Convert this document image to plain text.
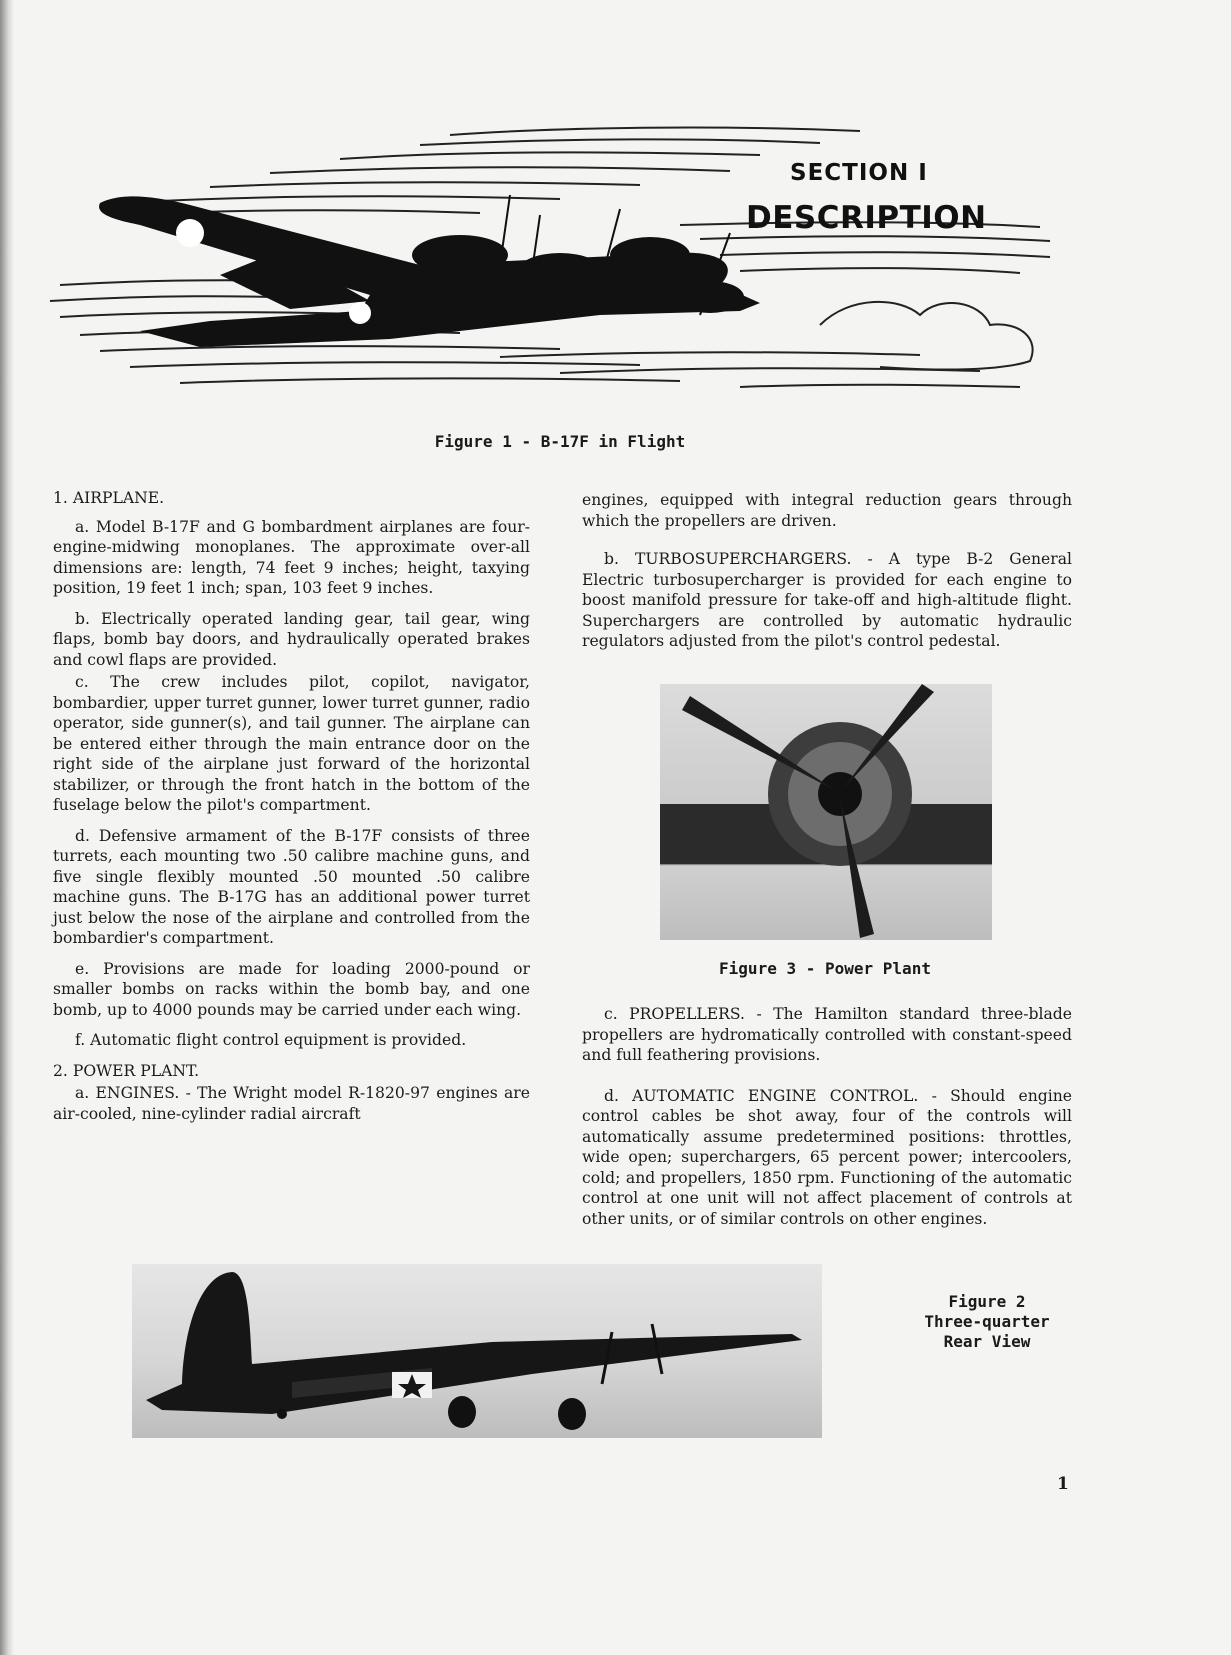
SECTION I
DESCRIPTION
Figure 1 - B-17F in Flight
1. AIRPLANE.

a. Model B-17F and G bombardment airplanes are four-engine-midwing monoplanes. The approximate over-all dimensions are: length, 74 feet 9 inches; height, taxying position, 19 feet 1 inch; span, 103 feet 9 inches.

b. Electrically operated landing gear, tail gear, wing flaps, bomb bay doors, and hydraulically operated brakes and cowl flaps are provided.

c. The crew includes pilot, copilot, navigator, bombardier, upper turret gunner, lower turret gunner, radio operator, side gunner(s), and tail gunner. The airplane can be entered either through the main entrance door on the right side of the airplane just forward of the horizontal stabilizer, or through the front hatch in the bottom of the fuselage below the pilot's compartment.

d. Defensive armament of the B-17F consists of three turrets, each mounting two .50 calibre machine guns, and five single flexibly mounted .50 mounted .50 calibre machine guns. The B-17G has an additional power turret just below the nose of the airplane and controlled from the bombardier's compartment.

e. Provisions are made for loading 2000-pound or smaller bombs on racks within the bomb bay, and one bomb, up to 4000 pounds may be carried under each wing.

f. Automatic flight control equipment is provided.

2. POWER PLANT.

a. ENGINES. - The Wright model R-1820-97 engines are air-cooled, nine-cylinder radial aircraft

engines, equipped with integral reduction gears through which the propellers are driven.

b. TURBOSUPERCHARGERS. - A type B-2 General Electric turbosupercharger is provided for each engine to boost manifold pressure for take-off and high-altitude flight. Superchargers are controlled by automatic hydraulic regulators adjusted from the pilot's control pedestal.

Figure 3 - Power Plant

c. PROPELLERS. - The Hamilton standard three-blade propellers are hydromatically controlled with constant-speed and full feathering provisions.

d. AUTOMATIC ENGINE CONTROL. - Should engine control cables be shot away, four of the controls will automatically assume predetermined positions: throttles, wide open; superchargers, 65 percent power; intercoolers, cold; and propellers, 1850 rpm. Functioning of the automatic control at one unit will not affect placement of controls at other units, or of similar controls on other engines.

Figure 2
Three-quarter
Rear View
1
